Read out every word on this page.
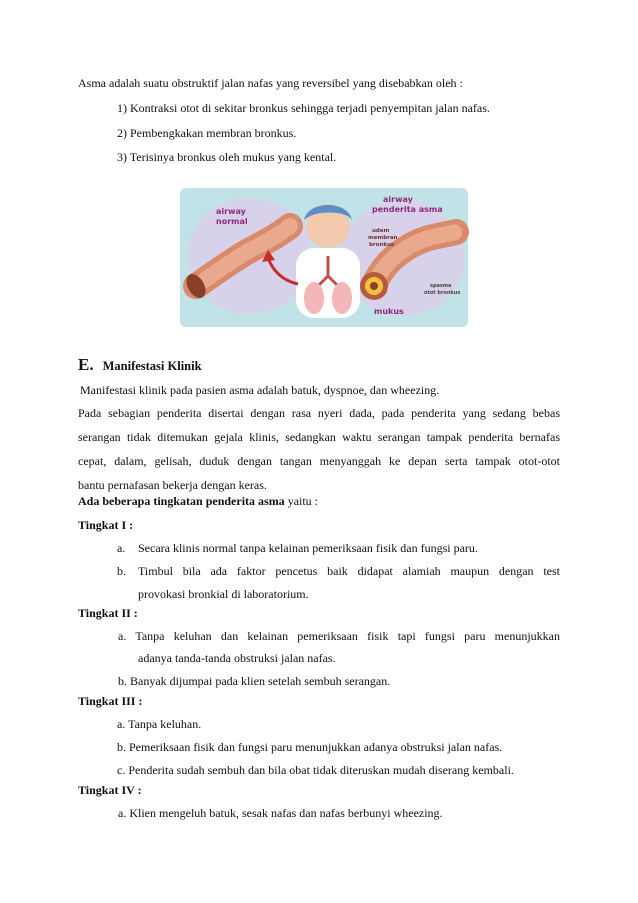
Asma adalah suatu obstruktif jalan nafas yang reversibel yang disebabkan oleh :
1) Kontraksi otot di sekitar bronkus sehingga terjadi penyempitan jalan nafas.
2) Pembengkakan membran bronkus.
3) Terisinya bronkus oleh mukus yang kental.
airway
normal
airway
penderita asma
udem
membran
bronkus
spasme
otot bronkus
mukus
E. Manifestasi Klinik
Manifestasi klinik pada pasien asma adalah batuk, dyspnoe, dan wheezing.
Pada sebagian penderita disertai dengan rasa nyeri dada, pada penderita yang sedang bebas
serangan tidak ditemukan gejala klinis, sedangkan waktu serangan tampak penderita bernafas
cepat, dalam, gelisah, duduk dengan tangan menyanggah ke depan serta tampak otot-otot
bantu pernafasan bekerja dengan keras.
Ada beberapa tingkatan penderita asma yaitu :
Tingkat I :
a. Secara klinis normal tanpa kelainan pemeriksaan fisik dan fungsi paru.
b. Timbul bila ada faktor pencetus baik didapat alamiah maupun dengan test
provokasi bronkial di laboratorium.
Tingkat II :
a. Tanpa keluhan dan kelainan pemeriksaan fisik tapi fungsi paru menunjukkan
adanya tanda-tanda obstruksi jalan nafas.
b. Banyak dijumpai pada klien setelah sembuh serangan.
Tingkat III :
a. Tanpa keluhan.
b. Pemeriksaan fisik dan fungsi paru menunjukkan adanya obstruksi jalan nafas.
c. Penderita sudah sembuh dan bila obat tidak diteruskan mudah diserang kembali.
Tingkat IV :
a. Klien mengeluh batuk, sesak nafas dan nafas berbunyi wheezing.
